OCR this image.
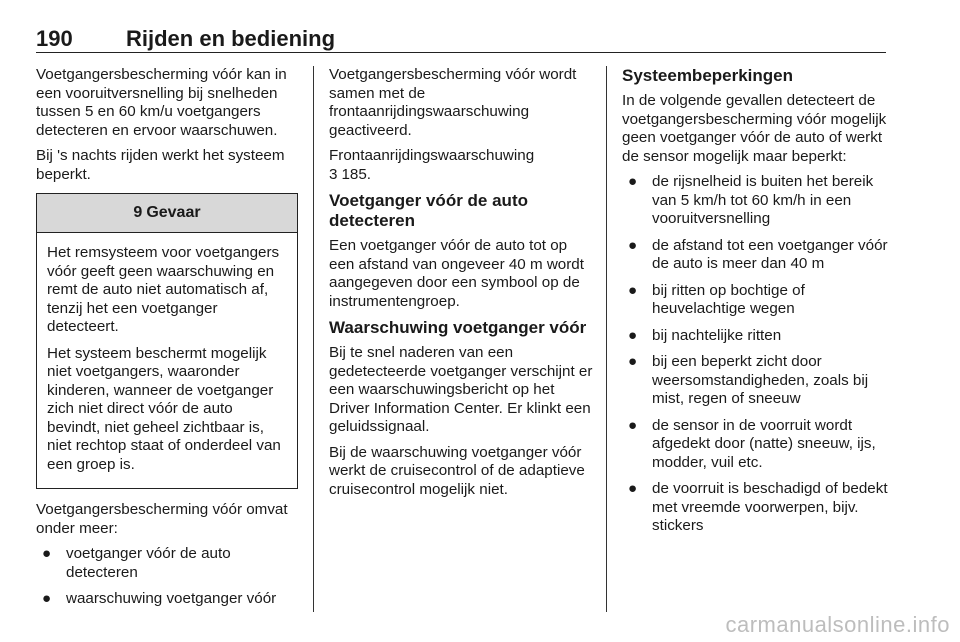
190 Rijden en bediening

Voetgangersbescherming vóór kan in een vooruitversnelling bij snelheden tussen 5 en 60 km/u voetgangers detecteren en ervoor waarschuwen.

Bij 's nachts rijden werkt het systeem beperkt.

9 Gevaar

Het remsysteem voor voetgangers vóór geeft geen waarschuwing en remt de auto niet automatisch af, tenzij het een voetganger detecteert.

Het systeem beschermt mogelijk niet voetgangers, waaronder kinderen, wanneer de voetganger zich niet direct vóór de auto bevindt, niet geheel zichtbaar is, niet rechtop staat of onderdeel van een groep is.

Voetgangersbescherming vóór omvat onder meer:

● voetganger vóór de auto detecteren
● waarschuwing voetganger vóór

Voetgangersbescherming vóór wordt samen met de frontaanrijdingswaarschuwing geactiveerd.

Frontaanrijdingswaarschuwing
3 185.

Voetganger vóór de auto detecteren

Een voetganger vóór de auto tot op een afstand van ongeveer 40 m wordt aangegeven door een symbool op de instrumentengroep.

Waarschuwing voetganger vóór

Bij te snel naderen van een gedetecteerde voetganger verschijnt er een waarschuwingsbericht op het Driver Information Center. Er klinkt een geluidssignaal.

Bij de waarschuwing voetganger vóór werkt de cruisecontrol of de adaptieve cruisecontrol mogelijk niet.

Systeembeperkingen

In de volgende gevallen detecteert de voetgangersbescherming vóór mogelijk geen voetganger vóór de auto of werkt de sensor mogelijk maar beperkt:

● de rijsnelheid is buiten het bereik van 5 km/h tot 60 km/h in een vooruitversnelling
● de afstand tot een voetganger vóór de auto is meer dan 40 m
● bij ritten op bochtige of heuvelachtige wegen
● bij nachtelijke ritten
● bij een beperkt zicht door weersomstandigheden, zoals bij mist, regen of sneeuw
● de sensor in de voorruit wordt afgedekt door (natte) sneeuw, ijs, modder, vuil etc.
● de voorruit is beschadigd of bedekt met vreemde voorwerpen, bijv. stickers
carmanualsonline.info
